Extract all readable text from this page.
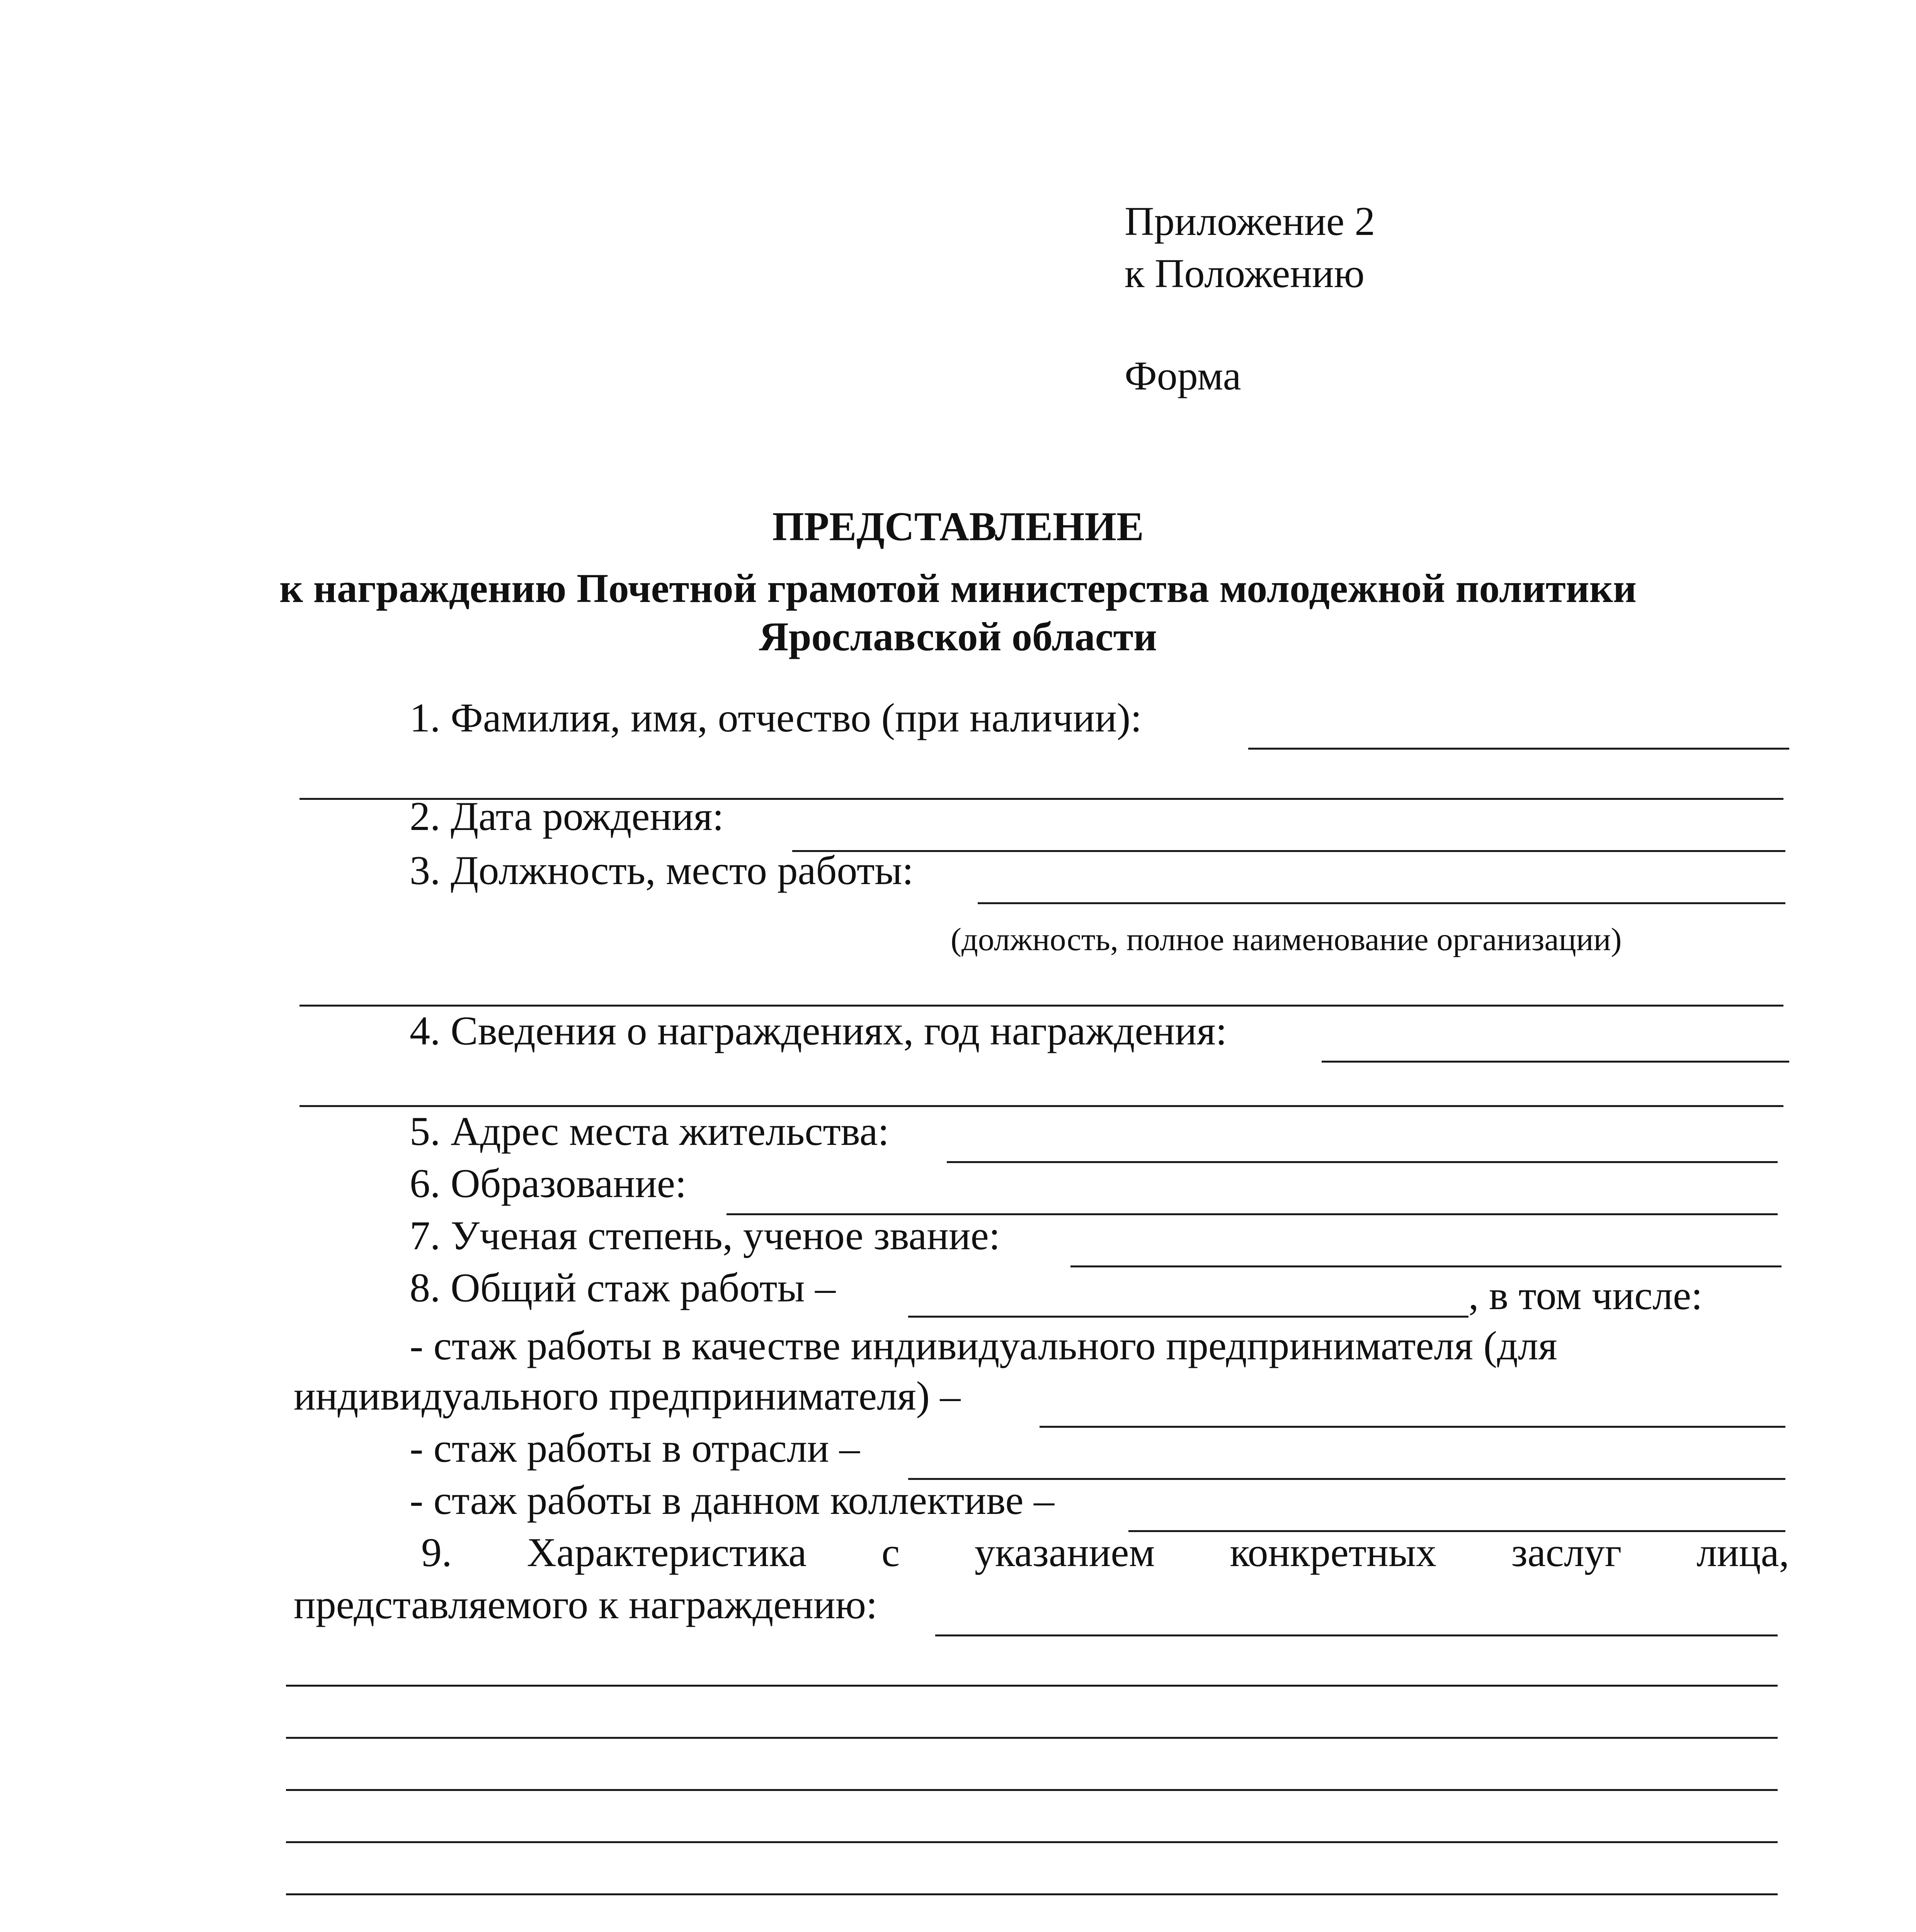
Приложение 2
к Положению
Форма
ПРЕДСТАВЛЕНИЕ
к награждению Почетной грамотой министерства молодежной политики
Ярославской области
1. Фамилия, имя, отчество (при наличии):
2. Дата рождения:
3. Должность, место работы:
(должность, полное наименование организации)
4. Сведения о награждениях, год награждения:
5. Адрес места жительства:
6. Образование:
7. Ученая степень, ученое звание:
8. Общий стаж работы –	, в том числе:
- стаж работы в качестве индивидуального предпринимателя (для
индивидуального предпринимателя) –
- стаж работы в отрасли –
- стаж работы в данном коллективе –
9. Характеристика с указанием конкретных заслуг лица,
представляемого к награждению:
